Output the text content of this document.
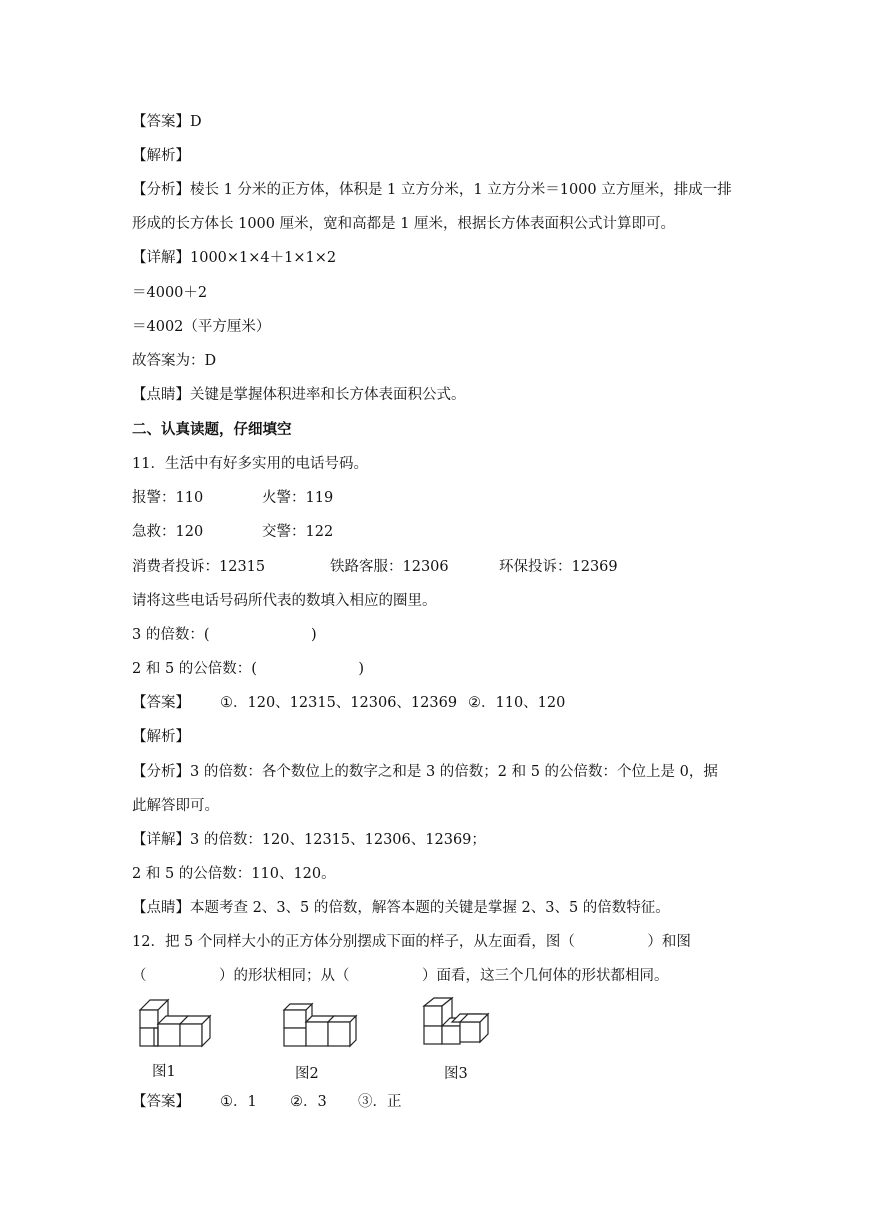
【答案】D
【解析】
【分析】棱长 1 分米的正方体，体积是 1 立方分米，1 立方分米＝1000 立方厘米，排成一排
形成的长方体长 1000 厘米，宽和高都是 1 厘米，根据长方体表面积公式计算即可。
【详解】1000×1×4＋1×1×2
＝4000＋2
＝4002（平方厘米）
故答案为：D
【点睛】关键是掌握体积进率和长方体表面积公式。
二、认真读题，仔细填空
11．生活中有好多实用的电话号码。
报警：110	火警：119
急救：120	交警：122
消费者投诉：12315	铁路客服：12306	环保投诉：12369
请将这些电话号码所代表的数填入相应的圈里。
3 的倍数：(　　　　　　　)
2 和 5 的公倍数：(　　　　　　　)
【答案】 ①．120、12315、12306、12369 ②．110、120
【解析】
【分析】3 的倍数：各个数位上的数字之和是 3 的倍数；2 和 5 的公倍数：个位上是 0，据
此解答即可。
【详解】3 的倍数：120、12315、12306、12369；
2 和 5 的公倍数：110、120。
【点睛】本题考查 2、3、5 的倍数，解答本题的关键是掌握 2、3、5 的倍数特征。
12．把 5 个同样大小的正方体分别摆成下面的样子，从左面看，图（　　　　　）和图
（　　　　　）的形状相同；从（　　　　　）面看，这三个几何体的形状都相同。
图1	图2	图3
【答案】 ①．1 ②．3 ③．正
